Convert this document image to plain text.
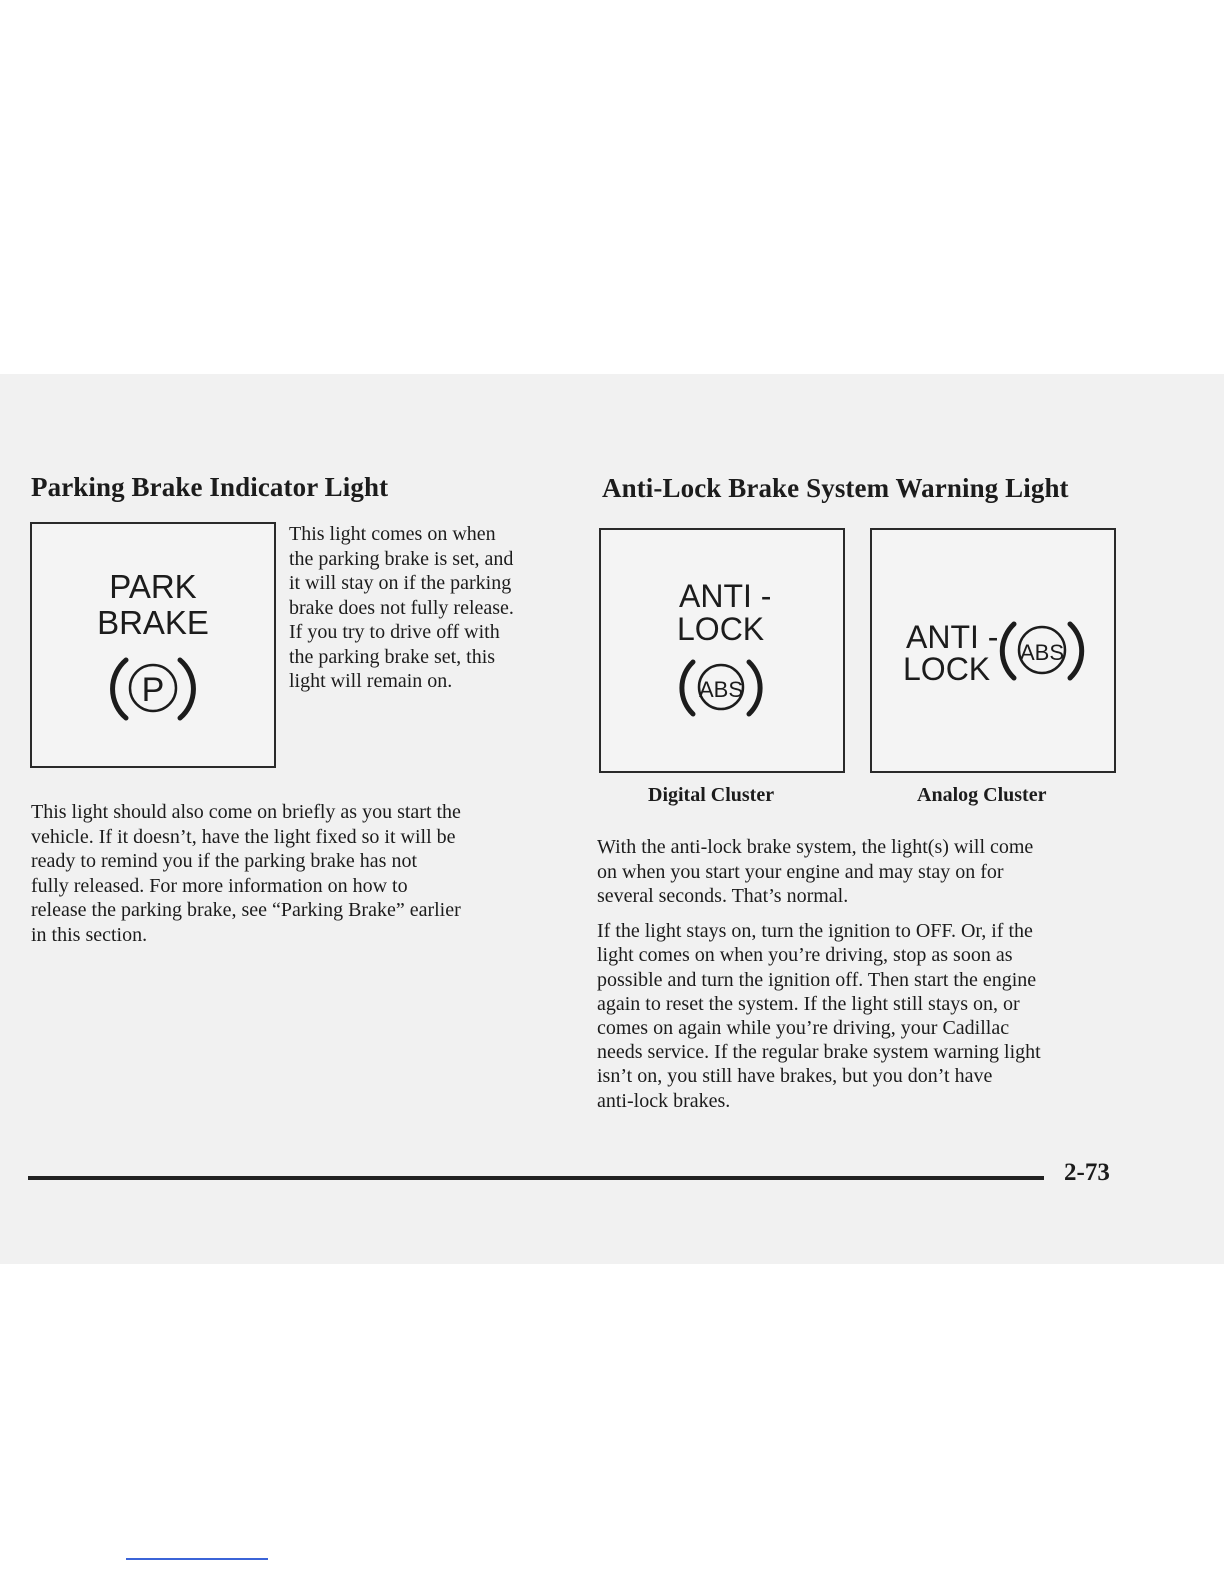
Parking Brake Indicator Light
PARK
BRAKE
P

This light comes on when

the parking brake is set, and

it will stay on if the parking

brake does not fully release.

If you try to drive off with

the parking brake set, this

light will remain on.

This light should also come on briefly as you start the

vehicle. If it doesn’t, have the light fixed so it will be

ready to remind you if the parking brake has not

fully released. For more information on how to

release the parking brake, see “Parking Brake” earlier

in this section.

Anti-Lock Brake System Warning Light
ANTI -
LOCK
ABS
ANTI -
LOCK ABS

Digital Cluster	Analog Cluster

With the anti-lock brake system, the light(s) will come

on when you start your engine and may stay on for

several seconds. That’s normal.

If the light stays on, turn the ignition to OFF. Or, if the

light comes on when you’re driving, stop as soon as

possible and turn the ignition off. Then start the engine

again to reset the system. If the light still stays on, or

comes on again while you’re driving, your Cadillac

needs service. If the regular brake system warning light

isn’t on, you still have brakes, but you don’t have

anti-lock brakes.

2-73
